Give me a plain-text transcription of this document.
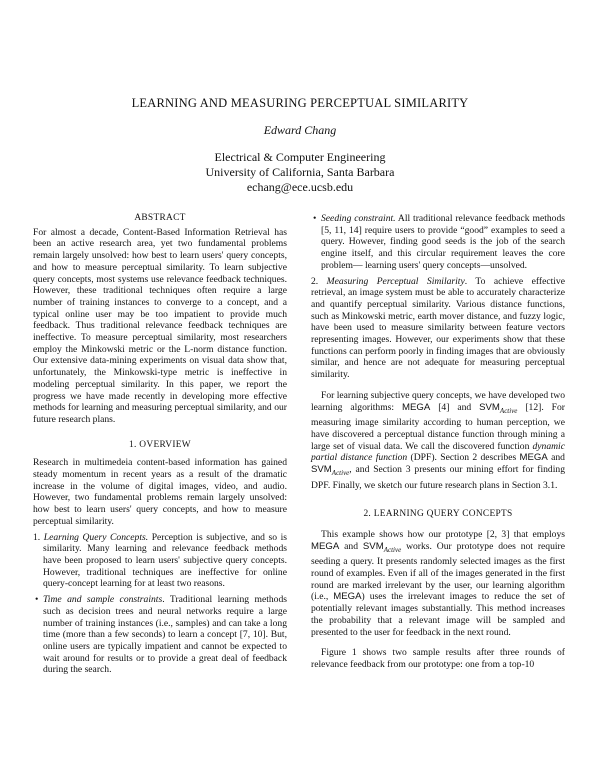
LEARNING AND MEASURING PERCEPTUAL SIMILARITY
Edward Chang
Electrical & Computer Engineering
University of California, Santa Barbara
echang@ece.ucsb.edu
ABSTRACT

For almost a decade, Content-Based Information Retrieval has been an active research area, yet two fundamental problems remain largely unsolved: how best to learn users' query concepts, and how to measure perceptual similarity. To learn subjective query concepts, most systems use relevance feedback techniques. However, these traditional techniques often require a large number of training instances to converge to a concept, and a typical online user may be too impatient to provide much feedback. Thus traditional relevance feedback techniques are ineffective. To measure perceptual similarity, most researchers employ the Minkowski metric or the L-norm distance function. Our extensive data-mining experiments on visual data show that, unfortunately, the Minkowski-type metric is ineffective in modeling perceptual similarity. In this paper, we report the progress we have made recently in developing more effective methods for learning and measuring perceptual similarity, and our future research plans.

1. OVERVIEW

Research in multimedeia content-based information has gained steady momentum in recent years as a result of the dramatic increase in the volume of digital images, video, and audio. However, two fundamental problems remain largely unsolved: how best to learn users' query concepts, and how to measure perceptual similarity.

1. Learning Query Concepts. Perception is subjective, and so is similarity. Many learning and relevance feedback methods have been proposed to learn users' subjective query concepts. However, traditional techniques are ineffective for online query-concept learning for at least two reasons.

• Time and sample constraints. Traditional learning methods such as decision trees and neural networks require a large number of training instances (i.e., samples) and can take a long time (more than a few seconds) to learn a concept [7, 10]. But, online users are typically impatient and cannot be expected to wait around for results or to provide a great deal of feedback during the search.
• Seeding constraint. All traditional relevance feedback methods [5, 11, 14] require users to provide “good” examples to seed a query. However, finding good seeds is the job of the search engine itself, and this circular requirement leaves the core problem— learning users' query concepts—unsolved.

2. Measuring Perceptual Similarity. To achieve effective retrieval, an image system must be able to accurately characterize and quantify perceptual similarity. Various distance functions, such as Minkowski metric, earth mover distance, and fuzzy logic, have been used to measure similarity between feature vectors representing images. However, our experiments show that these functions can perform poorly in finding images that are obviously similar, and hence are not adequate for measuring perceptual similarity.

For learning subjective query concepts, we have developed two learning algorithms: MEGA [4] and $SVM_{Active}$ [12]. For measuring image similarity according to human perception, we have discovered a perceptual distance function through mining a large set of visual data. We call the discovered function dynamic partial distance function (DPF). Section 2 describes MEGA and $SVM_{Active}$, and Section 3 presents our mining effort for finding DPF. Finally, we sketch our future research plans in Section 3.1.

2. LEARNING QUERY CONCEPTS

This example shows how our prototype [2, 3] that employs MEGA and $SVM_{Active}$ works. Our prototype does not require seeding a query. It presents randomly selected images as the first round of examples. Even if all of the images generated in the first round are marked irrelevant by the user, our learning algorithm (i.e., MEGA) uses the irrelevant images to reduce the set of potentially relevant images substantially. This method increases the probability that a relevant image will be sampled and presented to the user for feedback in the next round.

Figure 1 shows two sample results after three rounds of relevance feedback from our prototype: one from a top-10
